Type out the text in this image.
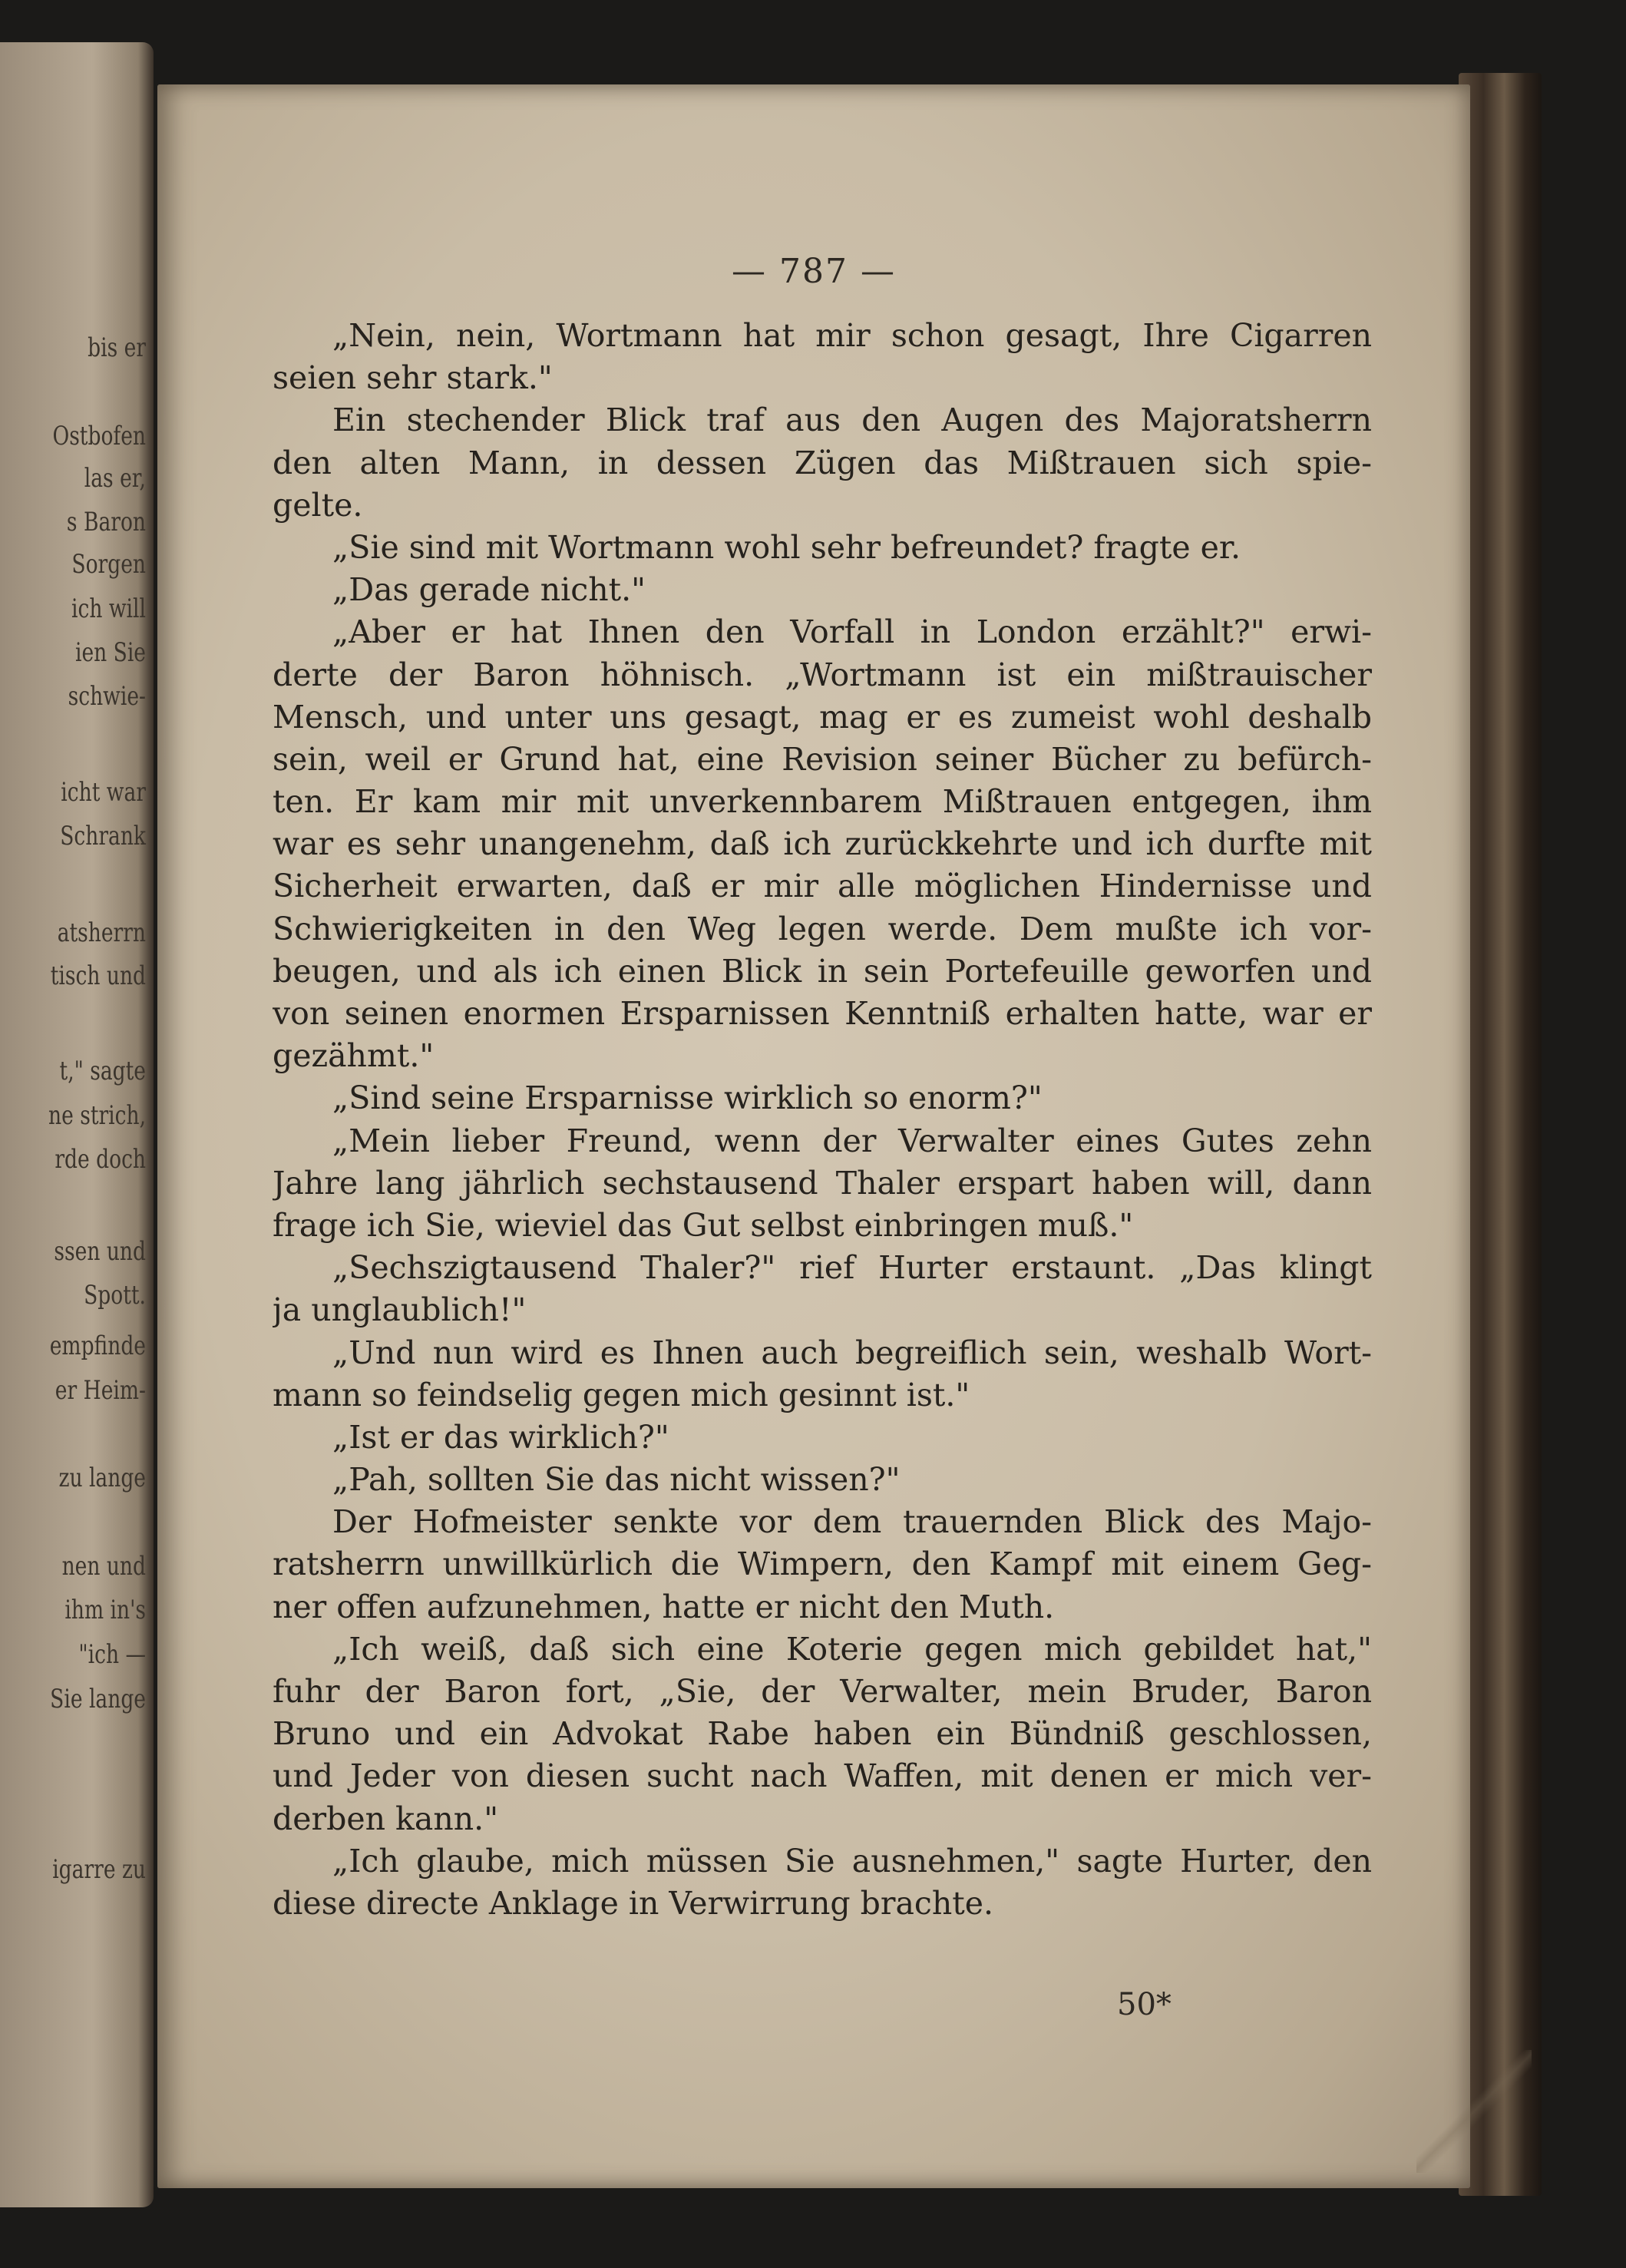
bis er
Ostbofen
las er,
s Baron
Sorgen
ich will
ien Sie
schwie-
icht war
Schrank
atsherrn
tisch und
t," sagte
ne strich,
rde doch
ssen und
Spott.
empfinde
er Heim-
zu lange
nen und
ihm in's
"ich —
Sie lange
igarre zu
— 787 —
„Nein, nein, Wortmann hat mir schon gesagt, Ihre Cigarren
seien sehr stark."
Ein stechender Blick traf aus den Augen des Majoratsherrn
den alten Mann, in dessen Zügen das Mißtrauen sich spie-
gelte.
„Sie sind mit Wortmann wohl sehr befreundet? fragte er.
„Das gerade nicht."
„Aber er hat Ihnen den Vorfall in London erzählt?" erwi-
derte der Baron höhnisch. „Wortmann ist ein mißtrauischer
Mensch, und unter uns gesagt, mag er es zumeist wohl deshalb
sein, weil er Grund hat, eine Revision seiner Bücher zu befürch-
ten. Er kam mir mit unverkennbarem Mißtrauen entgegen, ihm
war es sehr unangenehm, daß ich zurückkehrte und ich durfte mit
Sicherheit erwarten, daß er mir alle möglichen Hindernisse und
Schwierigkeiten in den Weg legen werde. Dem mußte ich vor-
beugen, und als ich einen Blick in sein Portefeuille geworfen und
von seinen enormen Ersparnissen Kenntniß erhalten hatte, war er
gezähmt."
„Sind seine Ersparnisse wirklich so enorm?"
„Mein lieber Freund, wenn der Verwalter eines Gutes zehn
Jahre lang jährlich sechstausend Thaler erspart haben will, dann
frage ich Sie, wieviel das Gut selbst einbringen muß."
„Sechszigtausend Thaler?" rief Hurter erstaunt. „Das klingt
ja unglaublich!"
„Und nun wird es Ihnen auch begreiflich sein, weshalb Wort-
mann so feindselig gegen mich gesinnt ist."
„Ist er das wirklich?"
„Pah, sollten Sie das nicht wissen?"
Der Hofmeister senkte vor dem trauernden Blick des Majo-
ratsherrn unwillkürlich die Wimpern, den Kampf mit einem Geg-
ner offen aufzunehmen, hatte er nicht den Muth.
„Ich weiß, daß sich eine Koterie gegen mich gebildet hat,"
fuhr der Baron fort, „Sie, der Verwalter, mein Bruder, Baron
Bruno und ein Advokat Rabe haben ein Bündniß geschlossen,
und Jeder von diesen sucht nach Waffen, mit denen er mich ver-
derben kann."
„Ich glaube, mich müssen Sie ausnehmen," sagte Hurter, den
diese directe Anklage in Verwirrung brachte.
50*
